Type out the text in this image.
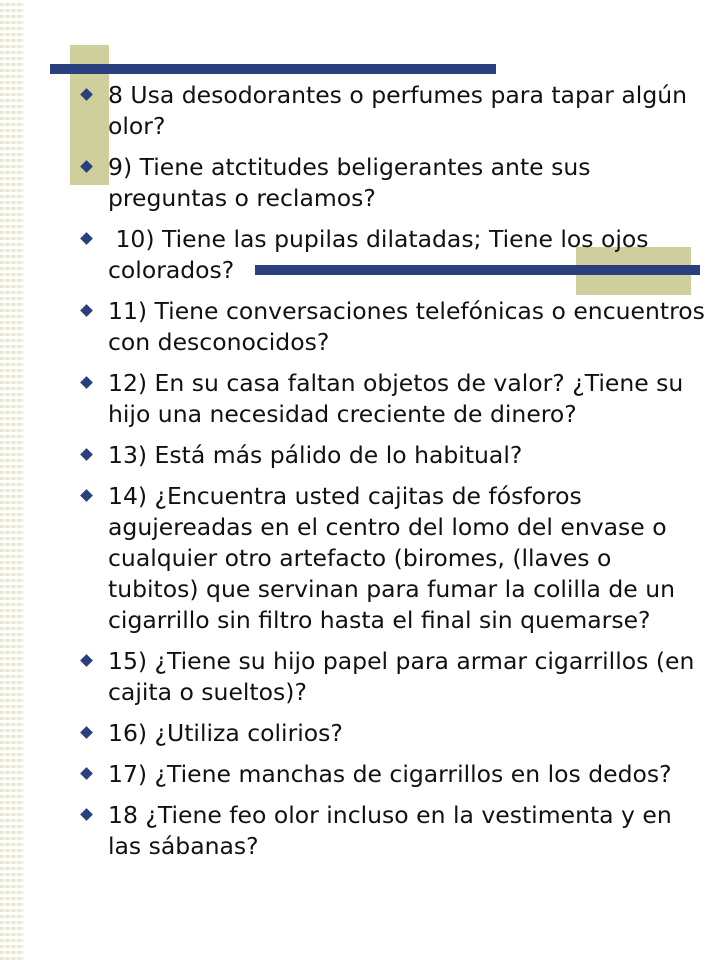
8 Usa desodorantes o perfumes para tapar algún olor?
9) Tiene atctitudes beligerantes ante sus preguntas o reclamos?
10) Tiene las pupilas dilatadas; Tiene los ojos colorados?
11) Tiene conversaciones telefónicas o encuentros con desconocidos?
12) En su casa faltan objetos de valor? ¿Tiene su hijo una necesidad creciente de dinero?
13) Está más pálido de lo habitual?
14) ¿Encuentra usted cajitas de fósforos agujereadas en el centro del lomo del envase o cualquier otro artefacto (biromes, (llaves o tubitos) que servinan para fumar la colilla de un cigarrillo sin filtro hasta el final sin quemarse?
15) ¿Tiene su hijo papel para armar cigarrillos (en cajita o sueltos)?
16) ¿Utiliza colirios?
17) ¿Tiene manchas de cigarrillos en los dedos?
18 ¿Tiene feo olor incluso en la vestimenta y en las sábanas?
